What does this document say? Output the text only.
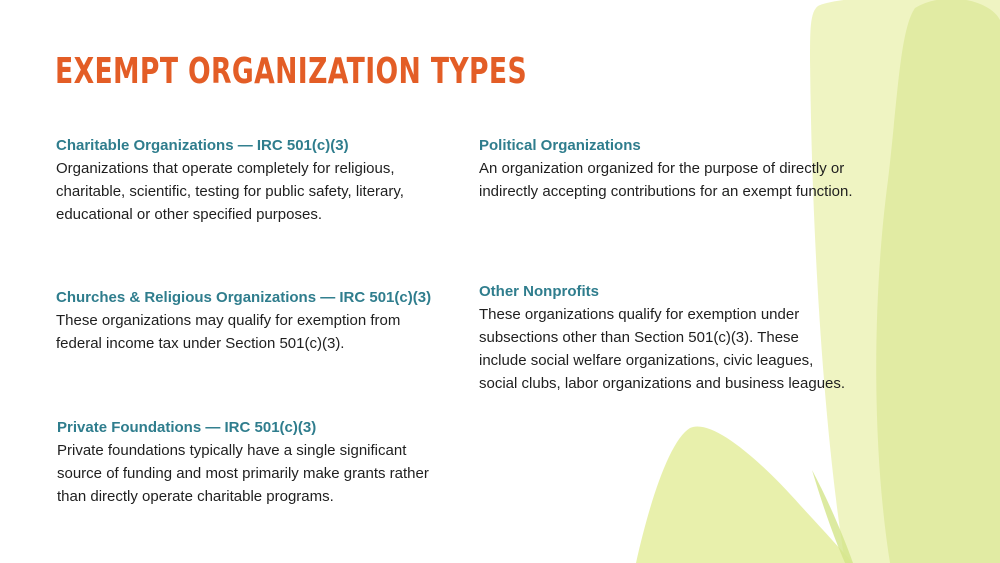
EXEMPT ORGANIZATION TYPES
Charitable Organizations — IRC 501(c)(3)

Organizations that operate completely for religious, charitable, scientific, testing for public safety, literary, educational or other specified purposes.

Churches & Religious Organizations — IRC 501(c)(3)

These organizations may qualify for exemption from federal income tax under Section 501(c)(3).

Private Foundations — IRC 501(c)(3)

Private foundations typically have a single significant source of funding and most primarily make grants rather than directly operate charitable programs.

Political Organizations

An organization organized for the purpose of directly or indirectly accepting contributions for an exempt function.

Other Nonprofits

These organizations qualify for exemption under subsections other than Section 501(c)(3). These include social welfare organizations, civic leagues, social clubs, labor organizations and business leagues.
